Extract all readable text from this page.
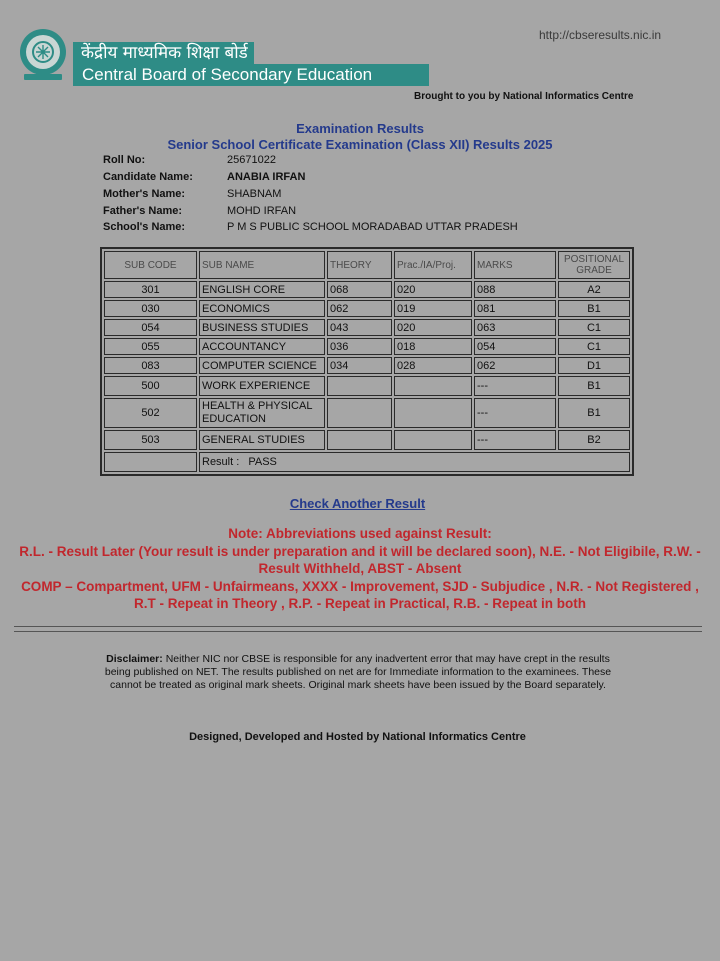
केंद्रीय माध्यमिक शिक्षा बोर्ड
Central Board of Secondary Education
http://cbseresults.nic.in
Brought to you by National Informatics Centre
Examination Results
Senior School Certificate Examination (Class XII) Results 2025
Roll No:	25671022
Candidate Name:	ANABIA IRFAN
Mother's Name:	SHABNAM
Father's Name:	MOHD IRFAN
School's Name:	P M S PUBLIC SCHOOL MORADABAD UTTAR PRADESH
SUB CODE	SUB NAME	THEORY	Prac./IA/Proj.	MARKS	POSITIONAL GRADE
301	ENGLISH CORE	068	020	088	A2
030	ECONOMICS	062	019	081	B1
054	BUSINESS STUDIES	043	020	063	C1
055	ACCOUNTANCY	036	018	054	C1
083	COMPUTER SCIENCE	034	028	062	D1
500	WORK EXPERIENCE			---	B1
502	HEALTH & PHYSICAL EDUCATION			---	B1
503	GENERAL STUDIES			---	B2
	Result : PASS				
Check Another Result
Note: Abbreviations used against Result:
R.L. - Result Later (Your result is under preparation and it will be declared soon), N.E. - Not Eligibile, R.W. - Result Withheld, ABST - Absent
COMP – Compartment, UFM - Unfairmeans, XXXX - Improvement, SJD - Subjudice , N.R. - Not Registered , R.T - Repeat in Theory , R.P. - Repeat in Practical, R.B. - Repeat in both
Disclaimer: Neither NIC nor CBSE is responsible for any inadvertent error that may have crept in the results being published on NET. The results published on net are for Immediate information to the examinees. These cannot be treated as original mark sheets. Original mark sheets have been issued by the Board separately.
Designed, Developed and Hosted by National Informatics Centre
